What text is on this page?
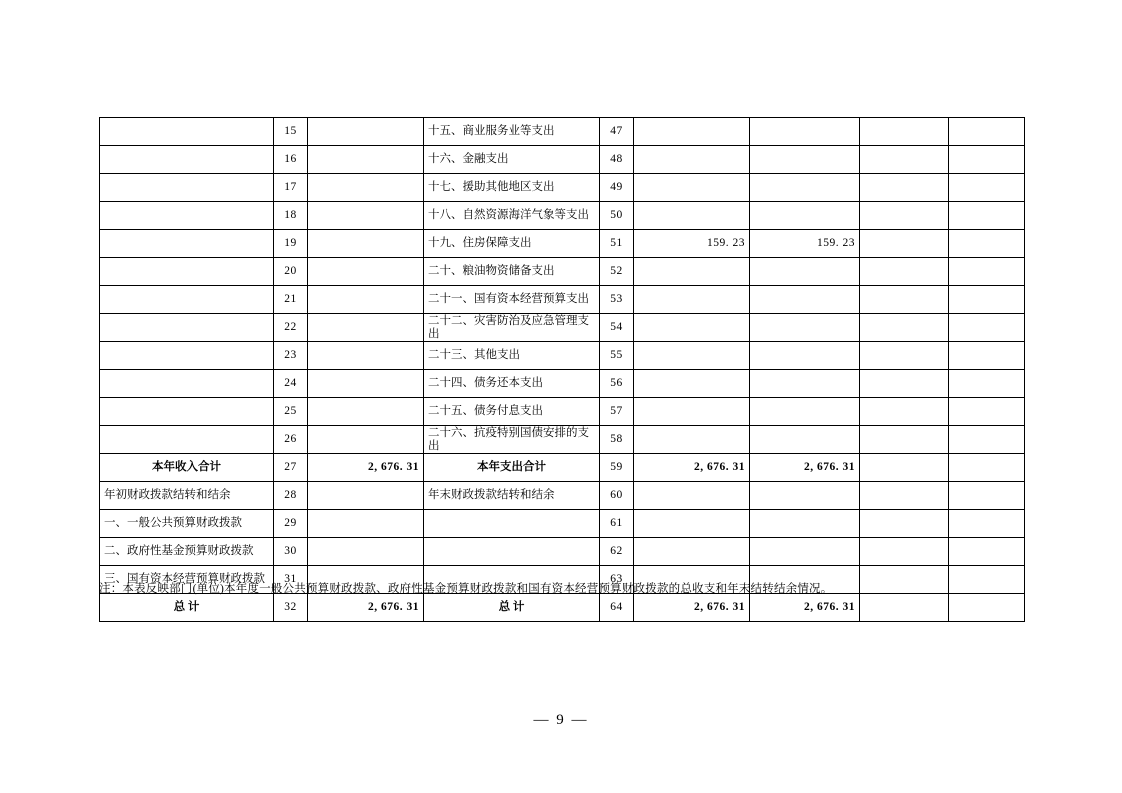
	15		十五、商业服务业等支出	47				
	16		十六、金融支出	48				
	17		十七、援助其他地区支出	49				
	18		十八、自然资源海洋气象等支出	50				
	19		十九、住房保障支出	51	159. 23	159. 23		
	20		二十、粮油物资储备支出	52				
	21		二十一、国有资本经营预算支出	53				
	22		二十二、灾害防治及应急管理支出	54				
	23		二十三、其他支出	55				
	24		二十四、债务还本支出	56				
	25		二十五、债务付息支出	57				
	26		二十六、抗疫特别国债安排的支出	58				
本年收入合计	27	2, 676. 31	本年支出合计	59	2, 676. 31	2, 676. 31		
年初财政拨款结转和结余	28		年末财政拨款结转和结余	60				
一、一般公共预算财政拨款	29			61				
二、政府性基金预算财政拨款	30			62				
三、国有资本经营预算财政拨款	31			63				
总 计	32	2, 676. 31	总 计	64	2, 676. 31	2, 676. 31		
注：本表反映部门(单位)本年度一般公共预算财政拨款、政府性基金预算财政拨款和国有资本经营预算财政拨款的总收支和年末结转结余情况。
— 9 —
